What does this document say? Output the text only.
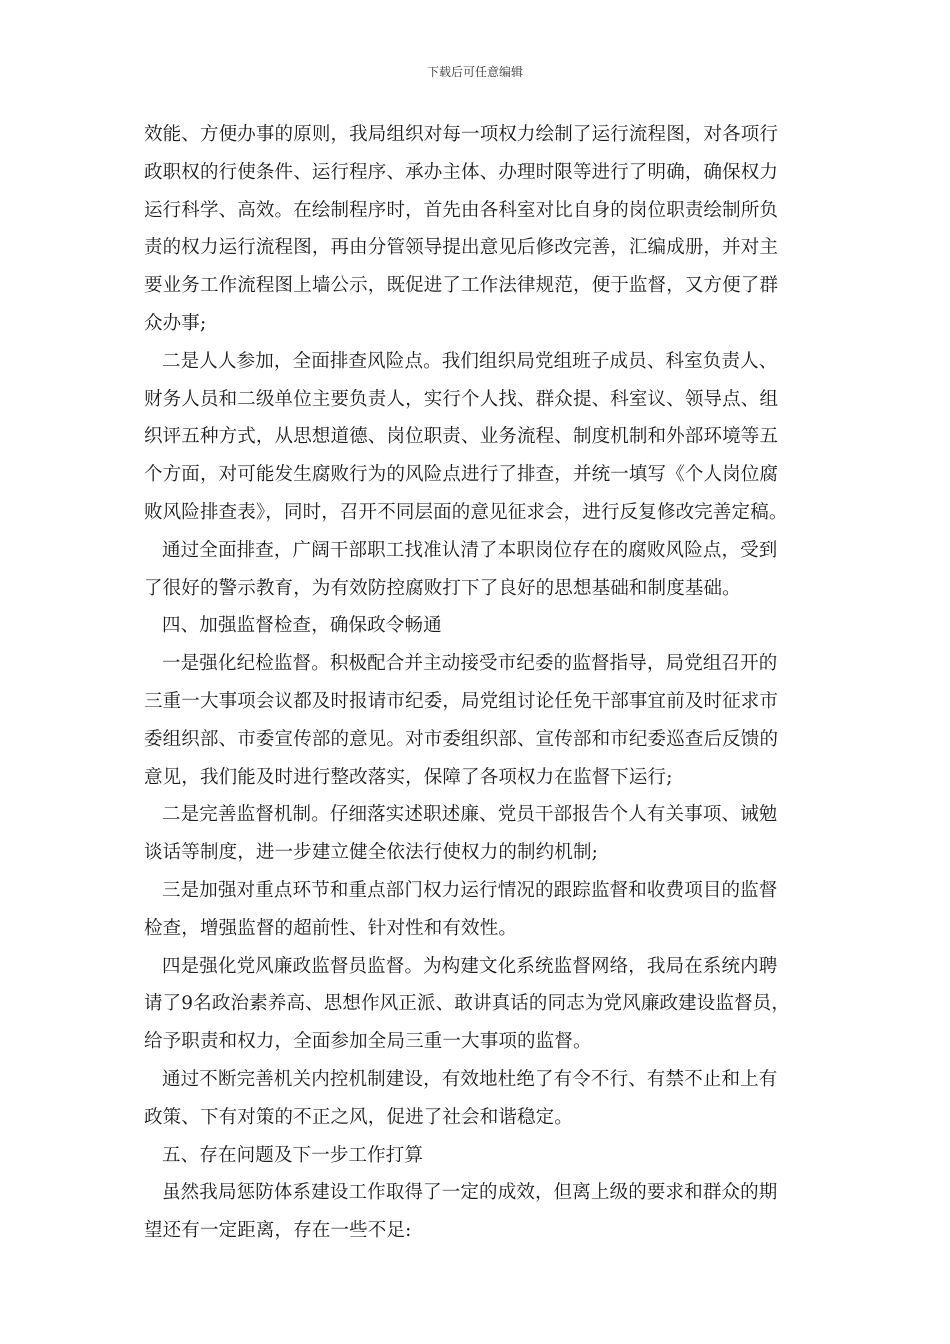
下载后可任意编辑
效能、方便办事的原则，我局组织对每一项权力绘制了运行流程图，对各项行
政职权的行使条件、运行程序、承办主体、办理时限等进行了明确，确保权力
运行科学、高效。在绘制程序时，首先由各科室对比自身的岗位职责绘制所负
责的权力运行流程图，再由分管领导提出意见后修改完善，汇编成册，并对主
要业务工作流程图上墙公示，既促进了工作法律规范，便于监督，又方便了群
众办事;
二是人人参加，全面排查风险点。我们组织局党组班子成员、科室负责人、
财务人员和二级单位主要负责人，实行个人找、群众提、科室议、领导点、组
织评五种方式，从思想道德、岗位职责、业务流程、制度机制和外部环境等五
个方面，对可能发生腐败行为的风险点进行了排查，并统一填写《个人岗位腐
败风险排查表》，同时，召开不同层面的意见征求会，进行反复修改完善定稿。
通过全面排查，广阔干部职工找准认清了本职岗位存在的腐败风险点，受到
了很好的警示教育，为有效防控腐败打下了良好的思想基础和制度基础。
四、加强监督检查，确保政令畅通
一是强化纪检监督。积极配合并主动接受市纪委的监督指导，局党组召开的
三重一大事项会议都及时报请市纪委，局党组讨论任免干部事宜前及时征求市
委组织部、市委宣传部的意见。对市委组织部、宣传部和市纪委巡查后反馈的
意见，我们能及时进行整改落实，保障了各项权力在监督下运行;
二是完善监督机制。仔细落实述职述廉、党员干部报告个人有关事项、诫勉
谈话等制度，进一步建立健全依法行使权力的制约机制;
三是加强对重点环节和重点部门权力运行情况的跟踪监督和收费项目的监督
检查，增强监督的超前性、针对性和有效性。
四是强化党风廉政监督员监督。为构建文化系统监督网络，我局在系统内聘
请了9名政治素养高、思想作风正派、敢讲真话的同志为党风廉政建设监督员，
给予职责和权力，全面参加全局三重一大事项的监督。
通过不断完善机关内控机制建设，有效地杜绝了有令不行、有禁不止和上有
政策、下有对策的不正之风，促进了社会和谐稳定。
五、存在问题及下一步工作打算
虽然我局惩防体系建设工作取得了一定的成效，但离上级的要求和群众的期
望还有一定距离，存在一些不足:
